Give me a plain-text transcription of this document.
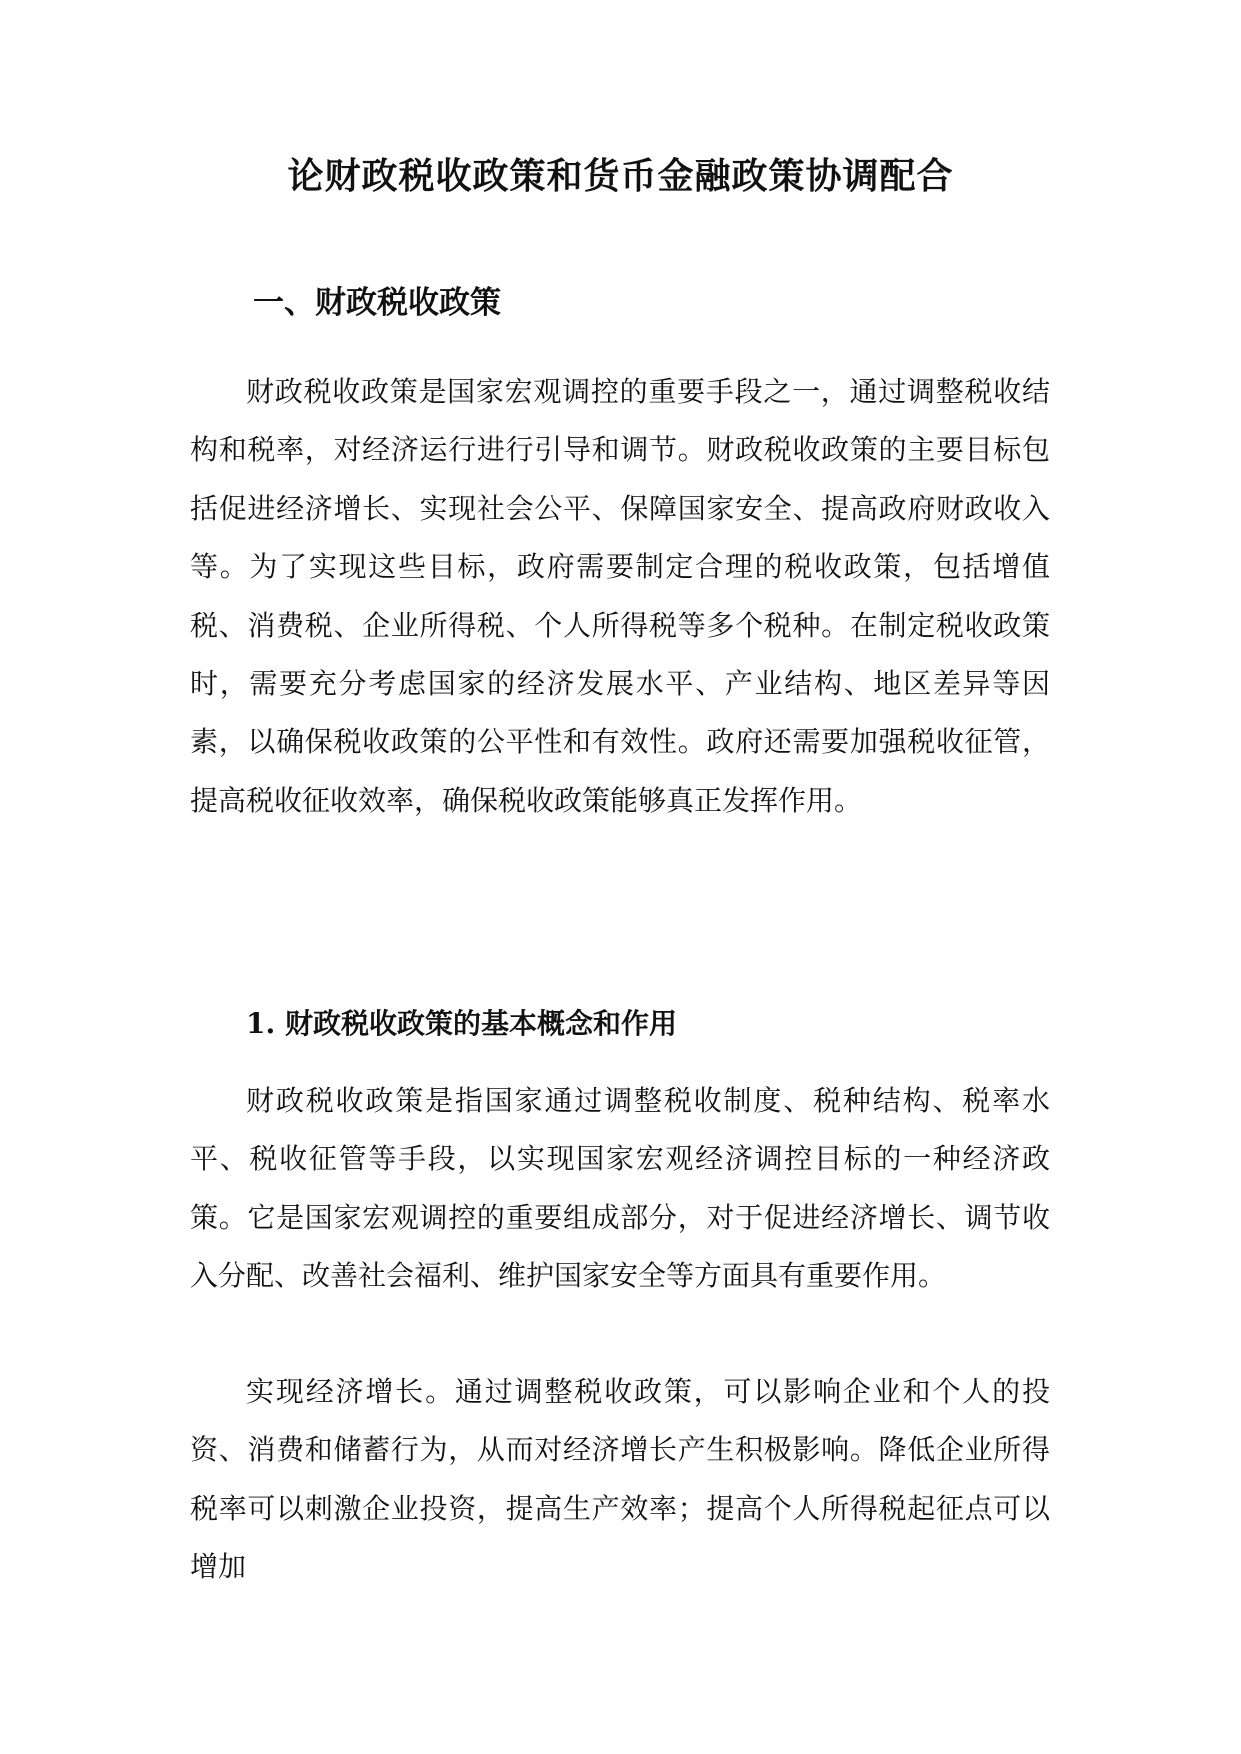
论财政税收政策和货币金融政策协调配合
一、财政税收政策

财政税收政策是国家宏观调控的重要手段之一，通过调整税收结构和税率，对经济运行进行引导和调节。财政税收政策的主要目标包括促进经济增长、实现社会公平、保障国家安全、提高政府财政收入等。为了实现这些目标，政府需要制定合理的税收政策，包括增值税、消费税、企业所得税、个人所得税等多个税种。在制定税收政策时，需要充分考虑国家的经济发展水平、产业结构、地区差异等因素，以确保税收政策的公平性和有效性。政府还需要加强税收征管，提高税收征收效率，确保税收政策能够真正发挥作用。

1. 财政税收政策的基本概念和作用

财政税收政策是指国家通过调整税收制度、税种结构、税率水平、税收征管等手段，以实现国家宏观经济调控目标的一种经济政策。它是国家宏观调控的重要组成部分，对于促进经济增长、调节收入分配、改善社会福利、维护国家安全等方面具有重要作用。

实现经济增长。通过调整税收政策，可以影响企业和个人的投资、消费和储蓄行为，从而对经济增长产生积极影响。降低企业所得税率可以刺激企业投资，提高生产效率；提高个人所得税起征点可以增加
